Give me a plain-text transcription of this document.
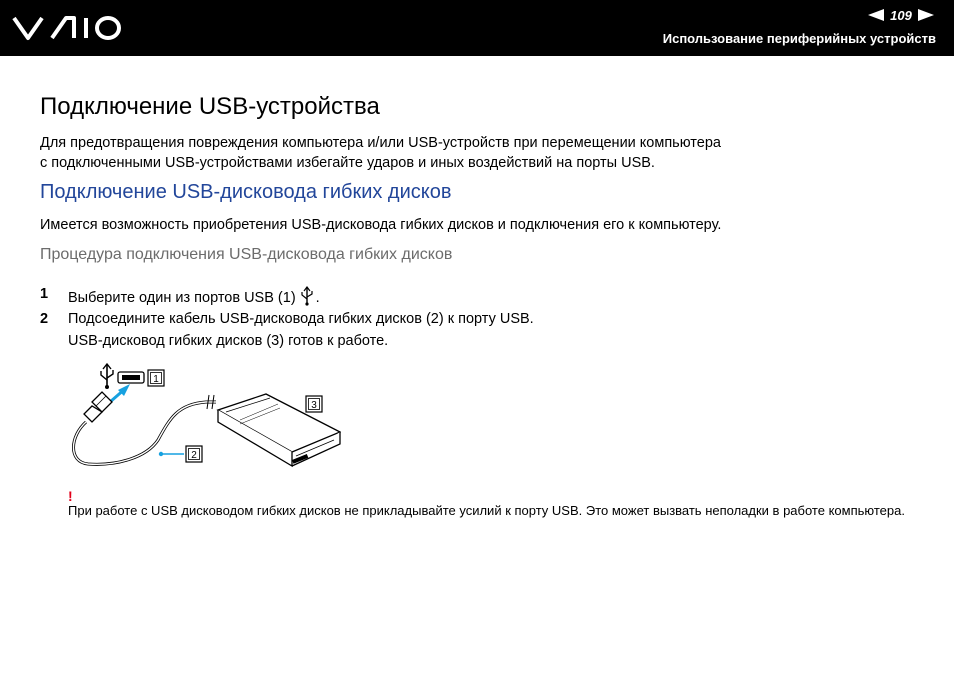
109
Использование периферийных устройств
Подключение USB-устройства
Для предотвращения повреждения компьютера и/или USB-устройств при перемещении компьютера
с подключенными USB-устройствами избегайте ударов и иных воздействий на порты USB.
Подключение USB-дисковода гибких дисков
Имеется возможность приобретения USB-дисковода гибких дисков и подключения его к компьютеру.
Процедура подключения USB-дисковода гибких дисков
1 Выберите один из портов USB (1) .
2 Подсоедините кабель USB-дисковода гибких дисков (2) к порту USB.
USB-дисковод гибких дисков (3) готов к работе.
1
2
3
!
При работе с USB дисководом гибких дисков не прикладывайте усилий к порту USB. Это может вызвать неполадки в работе компьютера.
